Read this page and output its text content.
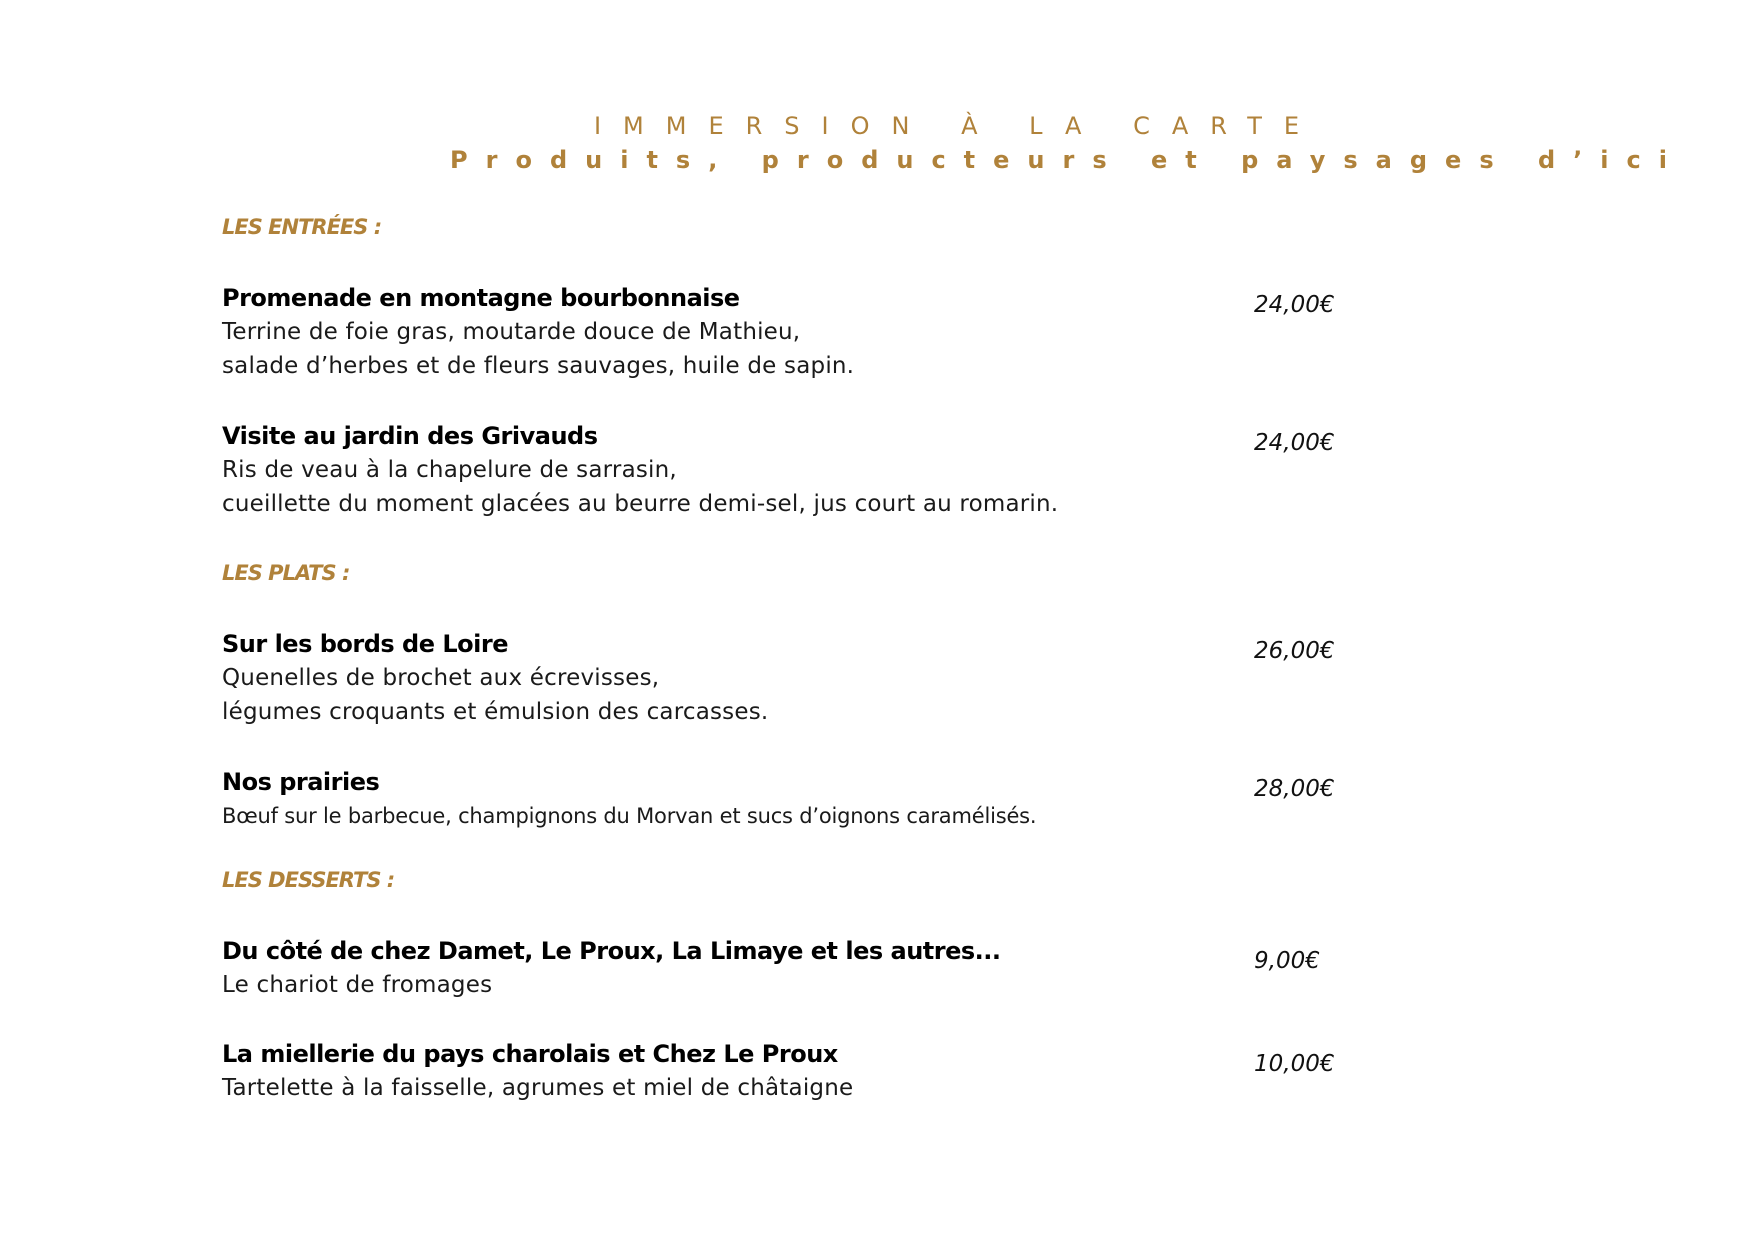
IMMERSION À LA CARTE
Produits, producteurs et paysages d’ici
LES ENTRÉES :
Promenade en montagne bourbonnaise
Terrine de foie gras, moutarde douce de Mathieu,
salade d’herbes et de fleurs sauvages, huile de sapin.
24,00€
Visite au jardin des Grivauds
Ris de veau à la chapelure de sarrasin,
cueillette du moment glacées au beurre demi-sel, jus court au romarin.
24,00€
LES PLATS :
Sur les bords de Loire
Quenelles de brochet aux écrevisses,
légumes croquants et émulsion des carcasses.
26,00€
Nos prairies
Bœuf sur le barbecue, champignons du Morvan et sucs d’oignons caramélisés.
28,00€
LES DESSERTS :
Du côté de chez Damet, Le Proux, La Limaye et les autres...
Le chariot de fromages
9,00€
La miellerie du pays charolais et Chez Le Proux
Tartelette à la faisselle, agrumes et miel de châtaigne
10,00€
